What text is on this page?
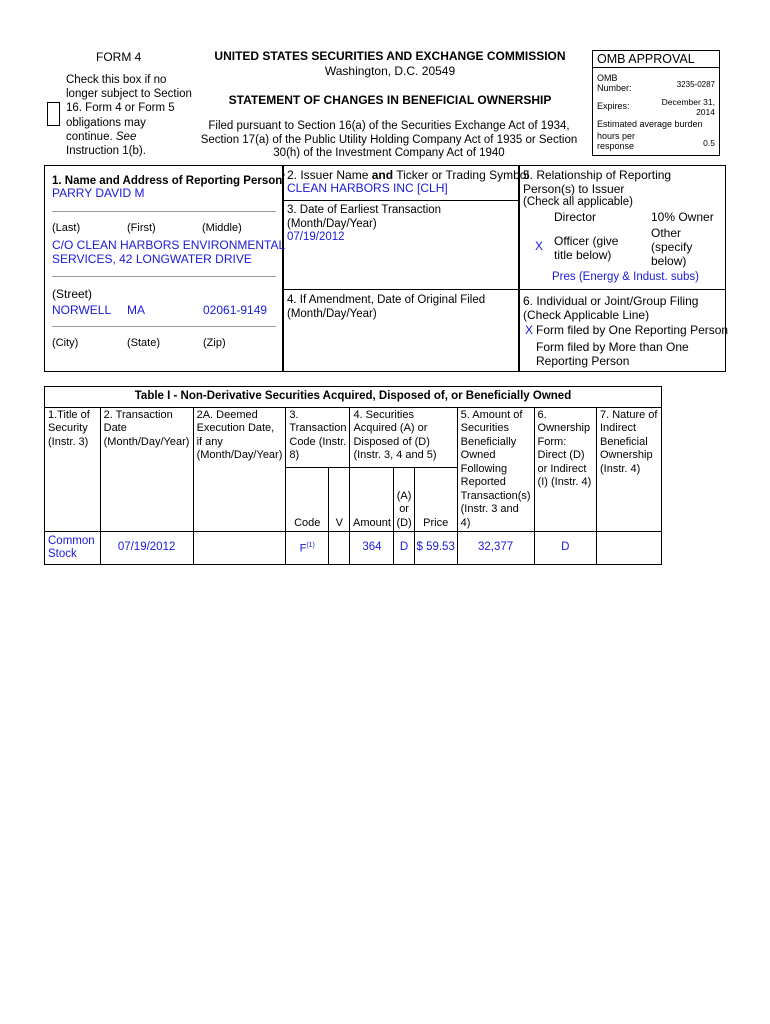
FORM 4
Check this box if no longer subject to Section 16. Form 4 or Form 5 obligations may continue. See Instruction 1(b).
UNITED STATES SECURITIES AND EXCHANGE COMMISSION
Washington, D.C. 20549
STATEMENT OF CHANGES IN BENEFICIAL OWNERSHIP
Filed pursuant to Section 16(a) of the Securities Exchange Act of 1934, Section 17(a) of the Public Utility Holding Company Act of 1935 or Section 30(h) of the Investment Company Act of 1940
OMB APPROVAL
OMB Number:	3235-0287
Expires:	December 31,
2014
Estimated average burden
hours per response	0.5
1. Name and Address of Reporting Person*
PARRY DAVID M
(Last)	(First)	(Middle)
C/O CLEAN HARBORS ENVIRONMENTAL
SERVICES, 42 LONGWATER DRIVE
(Street)
NORWELL MA	02061-9149
(City)	(State)	(Zip)
2. Issuer Name and Ticker or Trading Symbol
CLEAN HARBORS INC [CLH]
3. Date of Earliest Transaction
(Month/Day/Year)
07/19/2012
4. If Amendment, Date of Original Filed
(Month/Day/Year)
5. Relationship of Reporting Person(s) to Issuer
(Check all applicable)
Director	10% Owner
X Officer (give title below)
Other (specify below)
Pres (Energy & Indust. subs)
6. Individual or Joint/Group Filing
(Check Applicable Line)
X Form filed by One Reporting Person
Form filed by More than One Reporting Person
Table I - Non-Derivative Securities Acquired, Disposed of, or Beneficially Owned										
1.Title of Security (Instr. 3)	2. Transaction Date (Month/Day/Year)	2A. Deemed Execution Date, if any (Month/Day/Year)	3. Transaction Code (Instr. 8)		4. Securities Acquired (A) or Disposed of (D) (Instr. 3, 4 and 5)			5. Amount of Securities Beneficially Owned Following Reported Transaction(s) (Instr. 3 and 4)	6. Ownership Form: Direct (D) or Indirect (I) (Instr. 4)	7. Nature of Indirect Beneficial Ownership (Instr. 4)
			Code	V	Amount	(A) or (D)	Price			
Common Stock	07/19/2012		$F^{(1)}$		364	D	$ 59.53	32,377	D	
